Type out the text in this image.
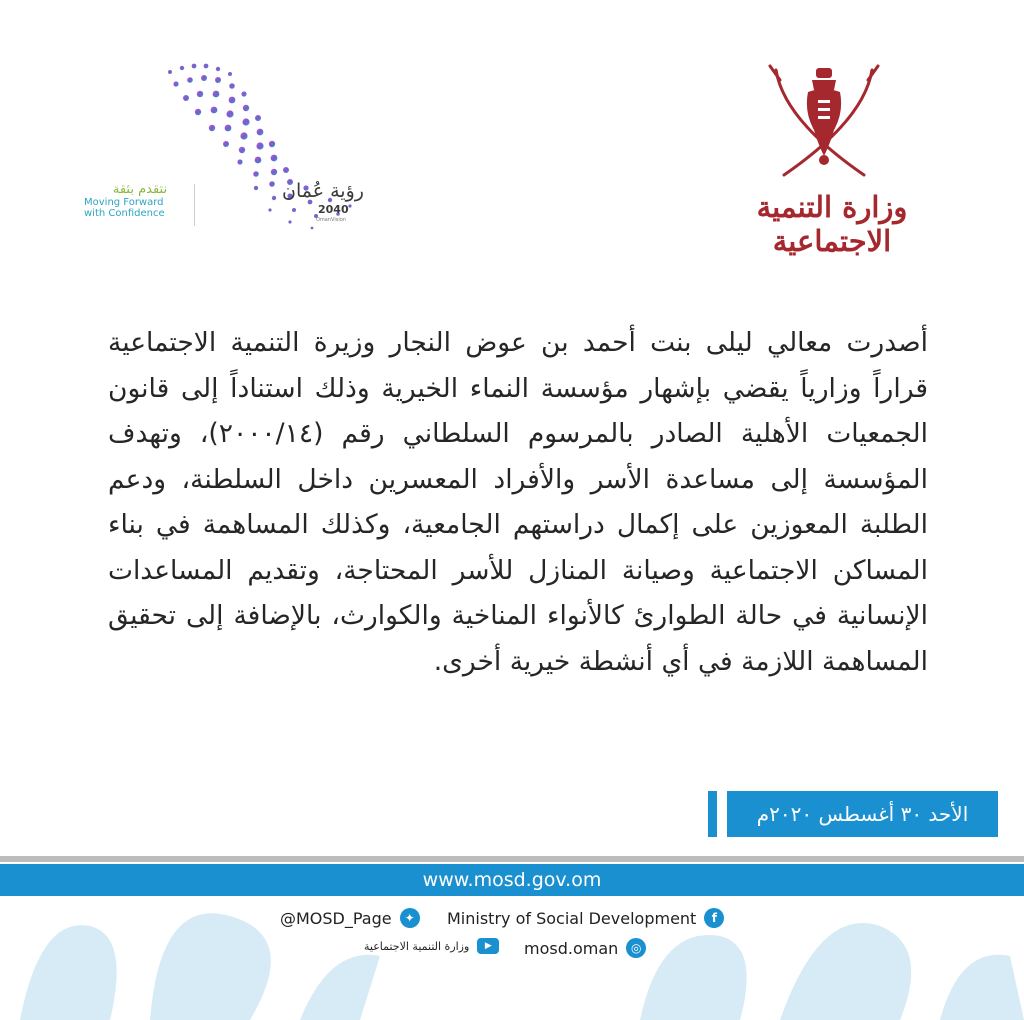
وزارة التنمية الاجتماعية
رؤية عُمان
2040
OmanVision
نتقدم بثقة
Moving Forward
with Confidence
أصدرت معالي ليلى بنت أحمد بن عوض النجار وزيرة التنمية الاجتماعية قراراً وزارياً يقضي بإشهار مؤسسة النماء الخيرية وذلك استناداً إلى قانون الجمعيات الأهلية الصادر بالمرسوم السلطاني رقم (٢٠٠٠/١٤)، وتهدف المؤسسة إلى مساعدة الأسر والأفراد المعسرين داخل السلطنة، ودعم الطلبة المعوزين على إكمال دراستهم الجامعية، وكذلك المساهمة في بناء المساكن الاجتماعية وصيانة المنازل للأسر المحتاجة، وتقديم المساعدات الإنسانية في حالة الطوارئ كالأنواء المناخية والكوارث، بالإضافة إلى تحقيق المساهمة اللازمة في أي أنشطة خيرية أخرى.
الأحد ٣٠ أغسطس ٢٠٢٠م
www.mosd.gov.om
Ministry of Social Development	f
@MOSD_Page	✦
▶
وزارة التنمية الاجتماعية	mosd.oman	◎
